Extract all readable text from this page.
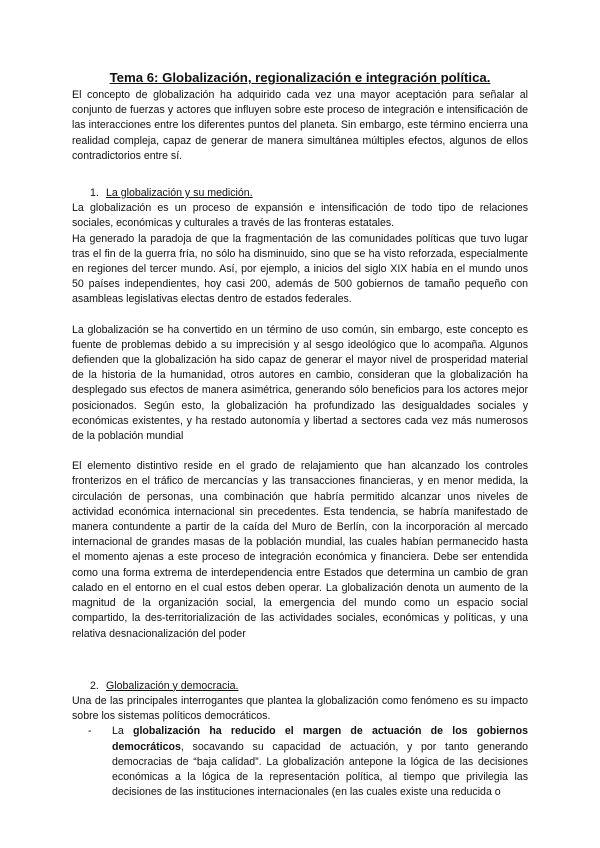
Tema 6: Globalización, regionalización e integración política.

El concepto de globalización ha adquirido cada vez una mayor aceptación para señalar al conjunto de fuerzas y actores que influyen sobre este proceso de integración e intensificación de las interacciones entre los diferentes puntos del planeta. Sin embargo, este término encierra una realidad compleja, capaz de generar de manera simultánea múltiples efectos, algunos de ellos contradictorios entre sí.

1. La globalización y su medición.

La globalización es un proceso de expansión e intensificación de todo tipo de relaciones sociales, económicas y culturales a través de las fronteras estatales.

Ha generado la paradoja de que la fragmentación de las comunidades políticas que tuvo lugar tras el fin de la guerra fría, no sólo ha disminuido, sino que se ha visto reforzada, especialmente en regiones del tercer mundo. Así, por ejemplo, a inicios del siglo XIX había en el mundo unos 50 países independientes, hoy casi 200, además de 500 gobiernos de tamaño pequeño con asambleas legislativas electas dentro de estados federales.

La globalización se ha convertido en un término de uso común, sin embargo, este concepto es fuente de problemas debido a su imprecisión y al sesgo ideológico que lo acompaña. Algunos defienden que la globalización ha sido capaz de generar el mayor nivel de prosperidad material de la historia de la humanidad, otros autores en cambio, consideran que la globalización ha desplegado sus efectos de manera asimétrica, generando sólo beneficios para los actores mejor posicionados. Según esto, la globalización ha profundizado las desigualdades sociales y económicas existentes, y ha restado autonomía y libertad a sectores cada vez más numerosos de la población mundial

El elemento distintivo reside en el grado de relajamiento que han alcanzado los controles fronterizos en el tráfico de mercancías y las transacciones financieras, y en menor medida, la circulación de personas, una combinación que habría permitido alcanzar unos niveles de actividad económica internacional sin precedentes. Esta tendencia, se habría manifestado de manera contundente a partir de la caída del Muro de Berlín, con la incorporación al mercado internacional de grandes masas de la población mundial, las cuales habían permanecido hasta el momento ajenas a este proceso de integración económica y financiera. Debe ser entendida como una forma extrema de interdependencia entre Estados que determina un cambio de gran calado en el entorno en el cual estos deben operar. La globalización denota un aumento de la magnitud de la organización social, la emergencia del mundo como un espacio social compartido, la des-territorialización de las actividades sociales, económicas y políticas, y una relativa desnacionalización del poder

2. Globalización y democracia.

Una de las principales interrogantes que plantea la globalización como fenómeno es su impacto sobre los sistemas políticos democráticos.

-	La globalización ha reducido el margen de actuación de los gobiernos democráticos, socavando su capacidad de actuación, y por tanto generando democracias de “baja calidad”. La globalización antepone la lógica de las decisiones económicas a la lógica de la representación política, al tiempo que privilegia las decisiones de las instituciones internacionales (en las cuales existe una reducida o
